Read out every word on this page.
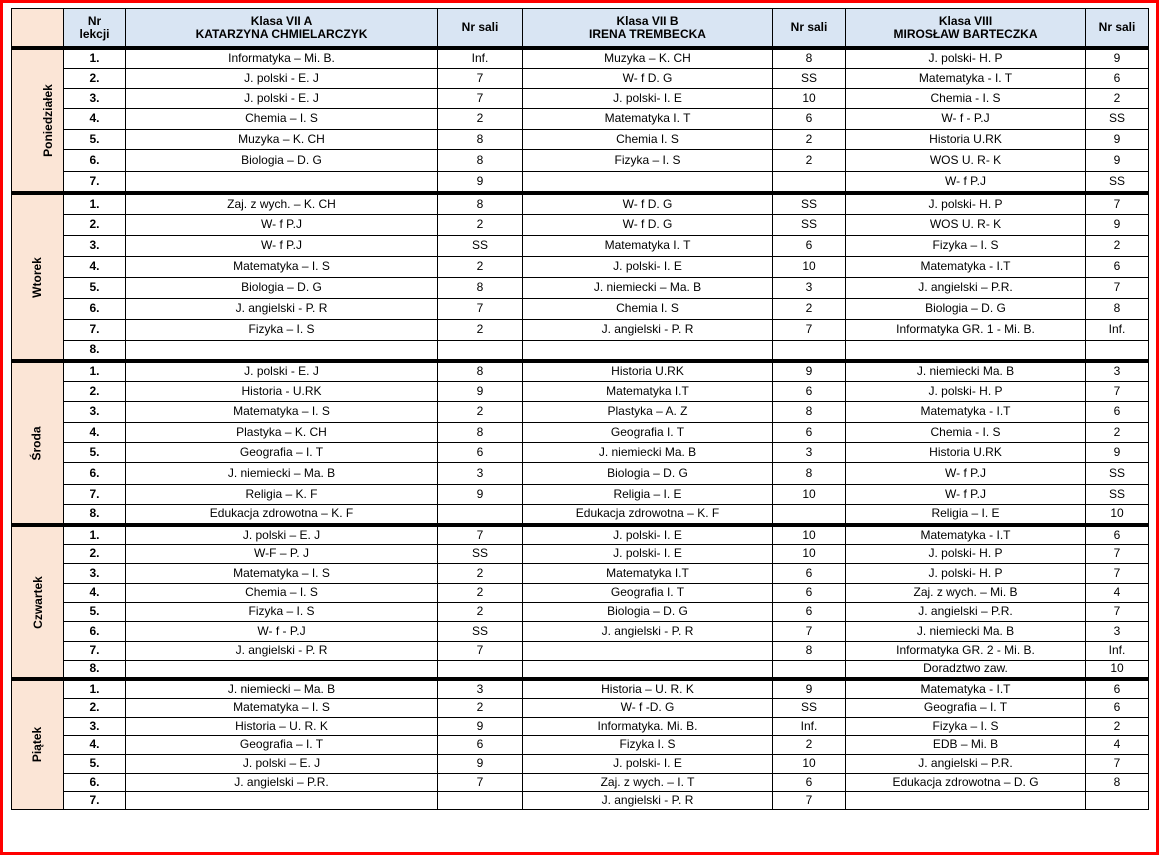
	Nr
lekcji	Klasa VII A
KATARZYNA CHMIELARCZYK	Nr sali	Klasa VII B
IRENA TREMBECKA	Nr sali	Klasa VIII
MIROSŁAW BARTECZKA	Nr sali
Poniedziałek	1.	Informatyka – Mi. B.	Inf.	Muzyka – K. CH	8	J. polski- H. P	9
	2.	J. polski - E. J	7	W- f D. G	SS	Matematyka - I. T	6
	3.	J. polski - E. J	7	J. polski- I. E	10	Chemia - I. S	2
	4.	Chemia – I. S	2	Matematyka I. T	6	W- f - P.J	SS
	5.	Muzyka – K. CH	8	Chemia I. S	2	Historia U.RK	9
	6.	Biologia – D. G	8	Fizyka – I. S	2	WOS U. R- K	9
	7.		9			W- f P.J	SS
Wtorek	1.	Zaj. z wych. – K. CH	8	W- f D. G	SS	J. polski- H. P	7
	2.	W- f P.J	2	W- f D. G	SS	WOS U. R- K	9
	3.	W- f P.J	SS	Matematyka I. T	6	Fizyka – I. S	2
	4.	Matematyka – I. S	2	J. polski- I. E	10	Matematyka - I.T	6
	5.	Biologia – D. G	8	J. niemiecki – Ma. B	3	J. angielski – P.R.	7
	6.	J. angielski - P. R	7	Chemia I. S	2	Biologia – D. G	8
	7.	Fizyka – I. S	2	J. angielski - P. R	7	Informatyka GR. 1 - Mi. B.	Inf.
	8.						
Środa	1.	J. polski - E. J	8	Historia U.RK	9	J. niemiecki Ma. B	3
	2.	Historia - U.RK	9	Matematyka I.T	6	J. polski- H. P	7
	3.	Matematyka – I. S	2	Plastyka – A. Z	8	Matematyka - I.T	6
	4.	Plastyka – K. CH	8	Geografia I. T	6	Chemia - I. S	2
	5.	Geografia – I. T	6	J. niemiecki Ma. B	3	Historia U.RK	9
	6.	J. niemiecki – Ma. B	3	Biologia – D. G	8	W- f P.J	SS
	7.	Religia – K. F	9	Religia – I. E	10	W- f P.J	SS
	8.	Edukacja zdrowotna – K. F		Edukacja zdrowotna – K. F		Religia – I. E	10
Czwartek	1.	J. polski – E. J	7	J. polski- I. E	10	Matematyka - I.T	6
	2.	W-F – P. J	SS	J. polski- I. E	10	J. polski- H. P	7
	3.	Matematyka – I. S	2	Matematyka I.T	6	J. polski- H. P	7
	4.	Chemia – I. S	2	Geografia I. T	6	Zaj. z wych. – Mi. B	4
	5.	Fizyka – I. S	2	Biologia – D. G	6	J. angielski – P.R.	7
	6.	W- f - P.J	SS	J. angielski - P. R	7	J. niemiecki Ma. B	3
	7.	J. angielski - P. R	7		8	Informatyka GR. 2 - Mi. B.	Inf.
	8.					Doradztwo zaw.	10
Piątek	1.	J. niemiecki – Ma. B	3	Historia – U. R. K	9	Matematyka - I.T	6
	2.	Matematyka – I. S	2	W- f -D. G	SS	Geografia – I. T	6
	3.	Historia – U. R. K	9	Informatyka. Mi. B.	Inf.	Fizyka – I. S	2
	4.	Geografia – I. T	6	Fizyka I. S	2	EDB – Mi. B	4
	5.	J. polski – E. J	9	J. polski- I. E	10	J. angielski – P.R.	7
	6.	J. angielski – P.R.	7	Zaj. z wych. – I. T	6	Edukacja zdrowotna – D. G	8
	7.			J. angielski - P. R	7		
